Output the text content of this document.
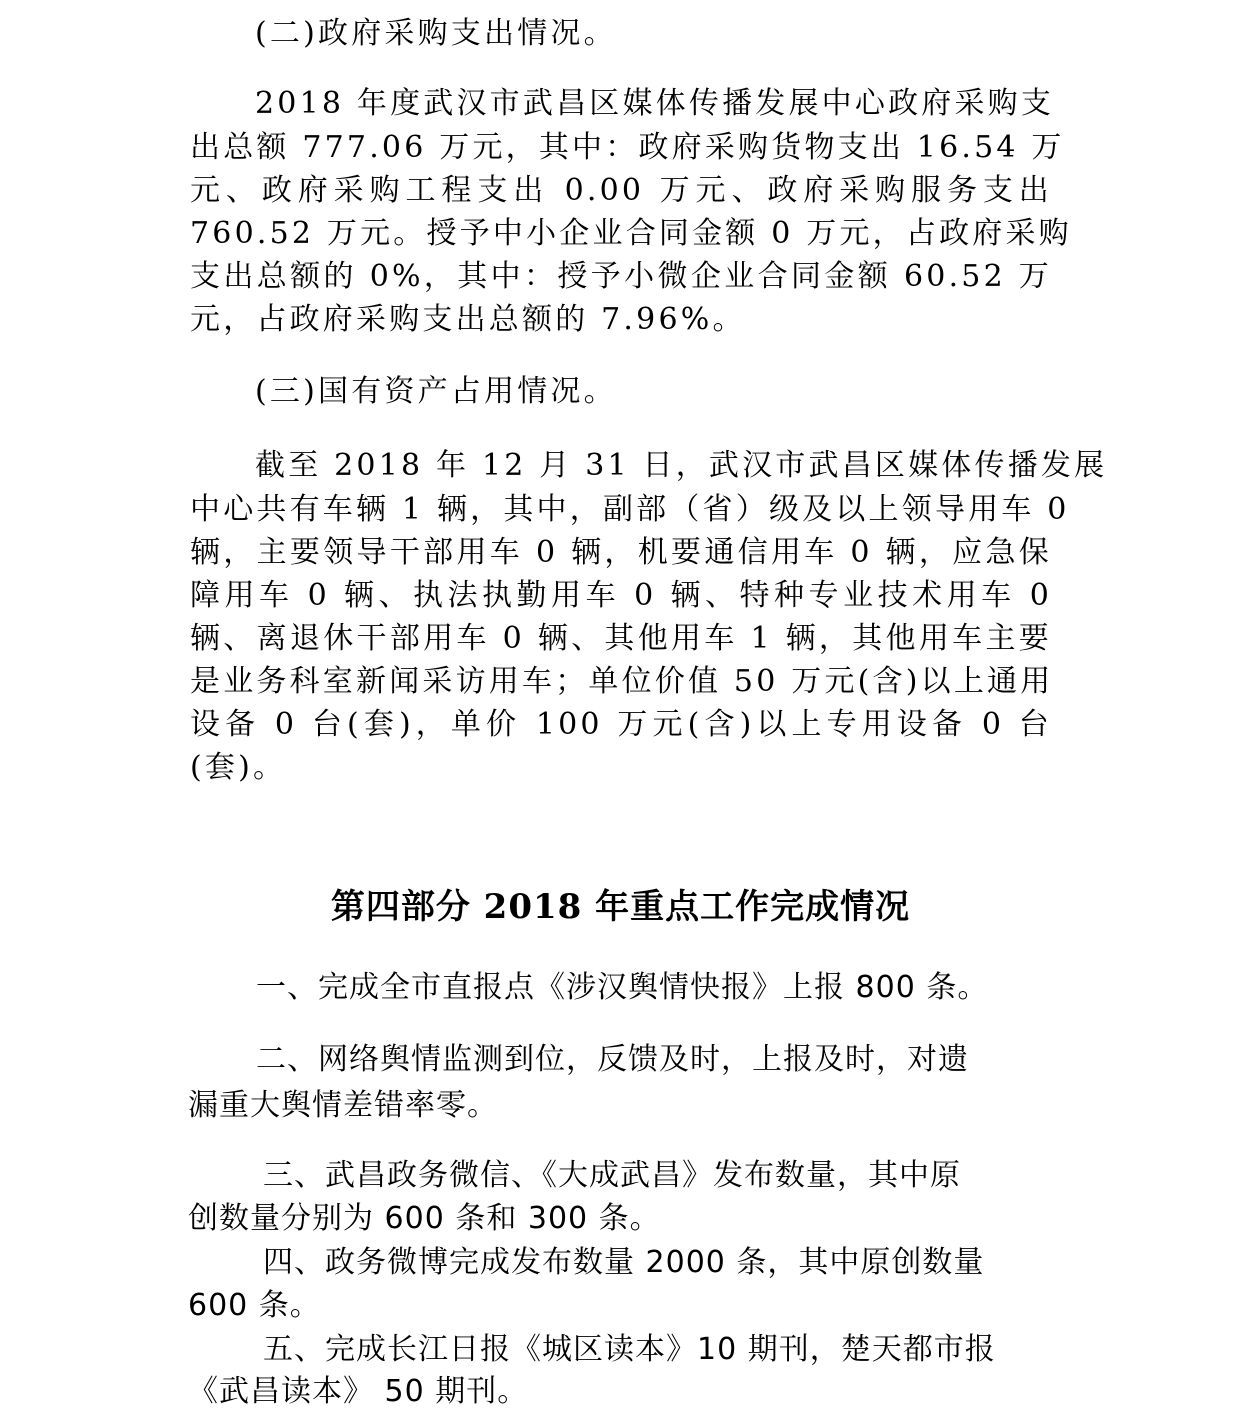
(二)政府采购支出情况。

2018 年度武汉市武昌区媒体传播发展中心政府采购支

出总额 777.06 万元，其中：政府采购货物支出 16.54 万

元、政府采购工程支出 0.00 万元、政府采购服务支出

760.52 万元。授予中小企业合同金额 0 万元，占政府采购

支出总额的 0%，其中：授予小微企业合同金额 60.52 万

元，占政府采购支出总额的 7.96%。

(三)国有资产占用情况。

截至 2018 年 12 月 31 日，武汉市武昌区媒体传播发展

中心共有车辆 1 辆，其中，副部（省）级及以上领导用车 0

辆，主要领导干部用车 0 辆，机要通信用车 0 辆，应急保

障用车 0 辆、执法执勤用车 0 辆、特种专业技术用车 0

辆、离退休干部用车 0 辆、其他用车 1 辆，其他用车主要

是业务科室新闻采访用车；单位价值 50 万元(含)以上通用

设备 0 台(套)，单价 100 万元(含)以上专用设备 0 台

(套)。

第四部分 2018 年重点工作完成情况

一、完成全市直报点《涉汉舆情快报》上报 800 条。

二、网络舆情监测到位，反馈及时，上报及时，对遗

漏重大舆情差错率零。

三、武昌政务微信、《大成武昌》发布数量，其中原

创数量分别为 600 条和 300 条。

四、政务微博完成发布数量 2000 条，其中原创数量

600 条。

五、完成长江日报《城区读本》10 期刊，楚天都市报

《武昌读本》 50 期刊。
